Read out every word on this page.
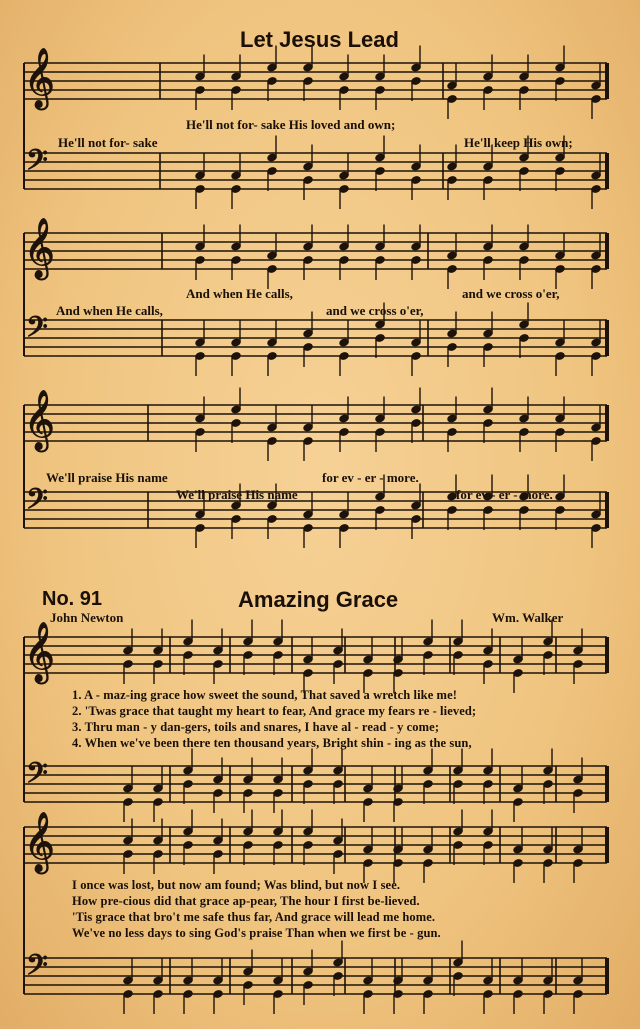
𝄞
𝄢
𝄞
𝄢
𝄞
𝄢
𝄞
𝄢
𝄞
𝄢
Let Jesus Lead
He'll not for- sake His loved and own;
He'll keep His own;
He'll not for- sake
And when He calls,	and we cross o'er,
And when He calls,	and we cross o'er,
We'll praise His name	for ev - er - more.
We'll praise His name	for ev - er - more.
No. 91	Amazing Grace
John Newton	Wm. Walker
1. A - maz-ing grace how sweet the sound, That saved a wretch like me!
2. 'Twas grace that taught my heart to fear, And grace my fears re - lieved;
3. Thru man - y dan-gers, toils and snares, I have al - read - y come;
4. When we've been there ten thousand years, Bright shin - ing as the sun,
I once was lost, but now am found; Was blind, but now I see.
How pre-cious did that grace ap-pear, The hour I first be-lieved.
'Tis grace that bro't me safe thus far, And grace will lead me home.
We've no less days to sing God's praise Than when we first be - gun.
